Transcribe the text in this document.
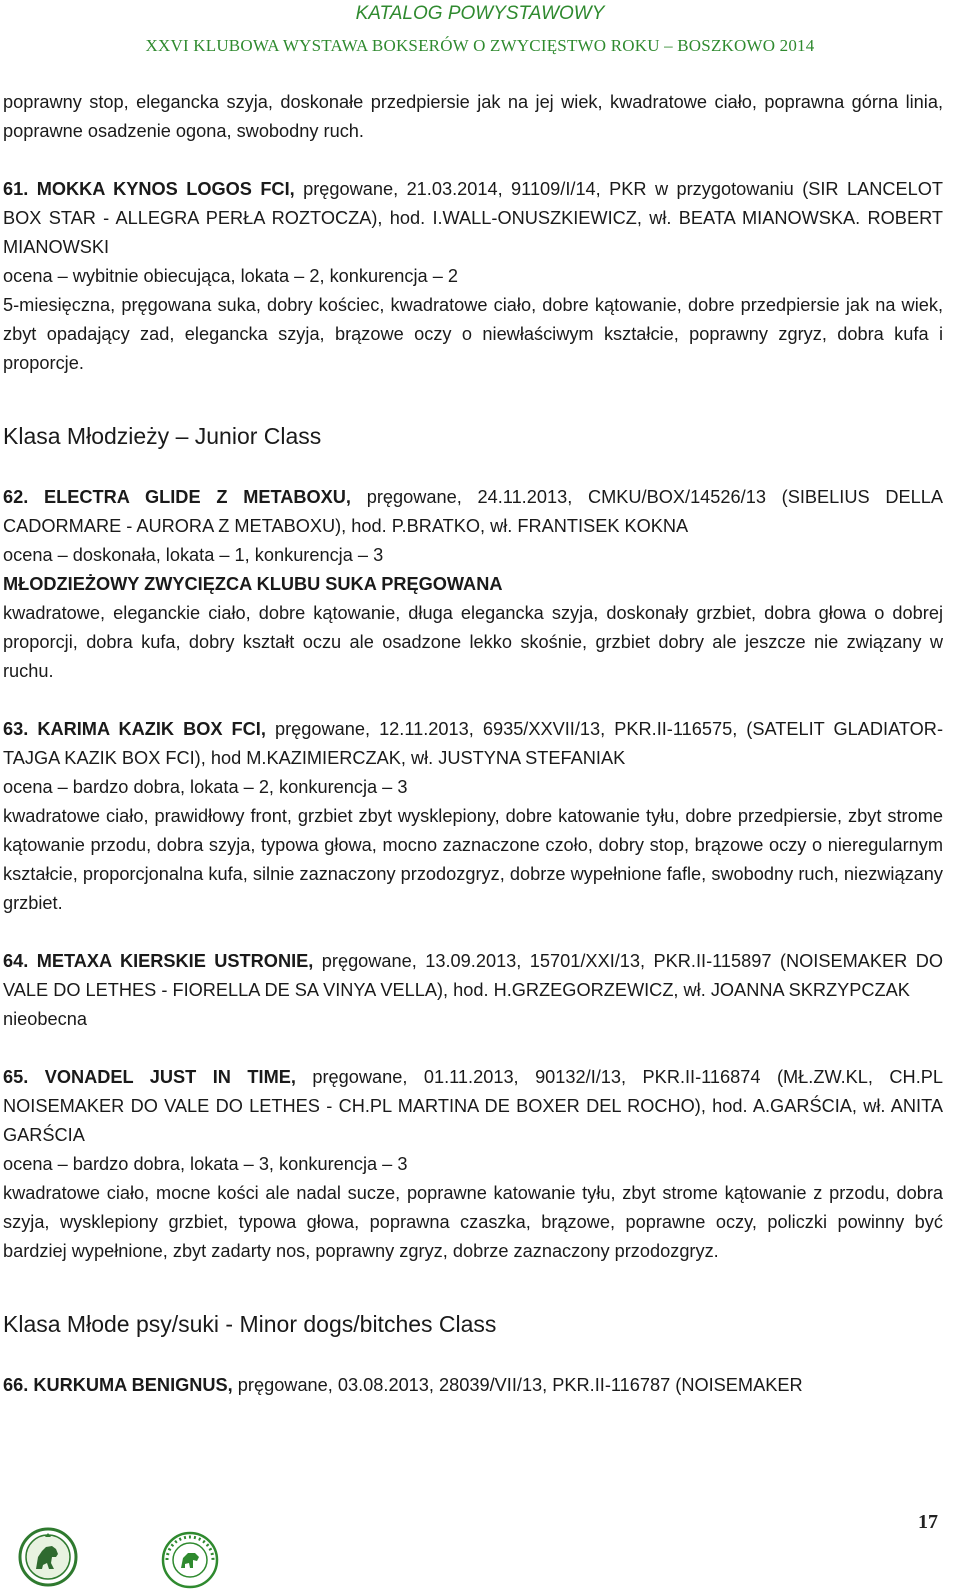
KATALOG POWYSTAWOWY
XXVI KLUBOWA WYSTAWA BOKSERÓW O ZWYCIĘSTWO ROKU – BOSZKOWO 2014

poprawny stop, elegancka szyja, doskonałe przedpiersie jak na jej wiek, kwadratowe ciało, poprawna górna linia, poprawne osadzenie ogona, swobodny ruch.

61. MOKKA KYNOS LOGOS FCI, pręgowane, 21.03.2014, 91109/I/14, PKR w przygotowaniu (SIR LANCELOT BOX STAR - ALLEGRA PERŁA ROZTOCZA), hod. I.WALL-ONUSZKIEWICZ, wł. BEATA MIANOWSKA. ROBERT MIANOWSKI

ocena – wybitnie obiecująca, lokata – 2, konkurencja – 2

5-miesięczna, pręgowana suka, dobry kościec, kwadratowe ciało, dobre kątowanie, dobre przedpiersie jak na wiek, zbyt opadający zad, elegancka szyja, brązowe oczy o niewłaściwym kształcie, poprawny zgryz, dobra kufa i proporcje.

Klasa Młodzieży – Junior Class

62. ELECTRA GLIDE Z METABOXU, pręgowane, 24.11.2013, CMKU/BOX/14526/13 (SIBELIUS DELLA CADORMARE - AURORA Z METABOXU), hod. P.BRATKO, wł. FRANTISEK KOKNA

ocena – doskonała, lokata – 1, konkurencja – 3

MŁODZIEŻOWY ZWYCIĘZCA KLUBU SUKA PRĘGOWANA

kwadratowe, eleganckie ciało, dobre kątowanie, długa elegancka szyja, doskonały grzbiet, dobra głowa o dobrej proporcji, dobra kufa, dobry kształt oczu ale osadzone lekko skośnie, grzbiet dobry ale jeszcze nie związany w ruchu.

63. KARIMA KAZIK BOX FCI, pręgowane, 12.11.2013, 6935/XXVII/13, PKR.II-116575, (SATELIT GLADIATOR-TAJGA KAZIK BOX FCI), hod M.KAZIMIERCZAK, wł. JUSTYNA STEFANIAK

ocena – bardzo dobra, lokata – 2, konkurencja – 3

kwadratowe ciało, prawidłowy front, grzbiet zbyt wysklepiony, dobre katowanie tyłu, dobre przedpiersie, zbyt strome kątowanie przodu, dobra szyja, typowa głowa, mocno zaznaczone czoło, dobry stop, brązowe oczy o nieregularnym kształcie, proporcjonalna kufa, silnie zaznaczony przodozgryz, dobrze wypełnione fafle, swobodny ruch, niezwiązany grzbiet.

64. METAXA KIERSKIE USTRONIE, pręgowane, 13.09.2013, 15701/XXI/13, PKR.II-115897 (NOISEMAKER DO VALE DO LETHES - FIORELLA DE SA VINYA VELLA), hod. H.GRZEGORZEWICZ, wł. JOANNA SKRZYPCZAK

nieobecna

65. VONADEL JUST IN TIME, pręgowane, 01.11.2013, 90132/I/13, PKR.II-116874 (MŁ.ZW.KL, CH.PL NOISEMAKER DO VALE DO LETHES - CH.PL MARTINA DE BOXER DEL ROCHO), hod. A.GARŚCIA, wł. ANITA GARŚCIA

ocena – bardzo dobra, lokata – 3, konkurencja – 3

kwadratowe ciało, mocne kości ale nadal sucze, poprawne katowanie tyłu, zbyt strome kątowanie z przodu, dobra szyja, wysklepiony grzbiet, typowa głowa, poprawna czaszka, brązowe, poprawne oczy, policzki powinny być bardziej wypełnione, zbyt zadarty nos, poprawny zgryz, dobrze zaznaczony przodozgryz.

Klasa Młode psy/suki - Minor dogs/bitches Class

66. KURKUMA BENIGNUS, pręgowane, 03.08.2013, 28039/VII/13, PKR.II-116787 (NOISEMAKER

17
